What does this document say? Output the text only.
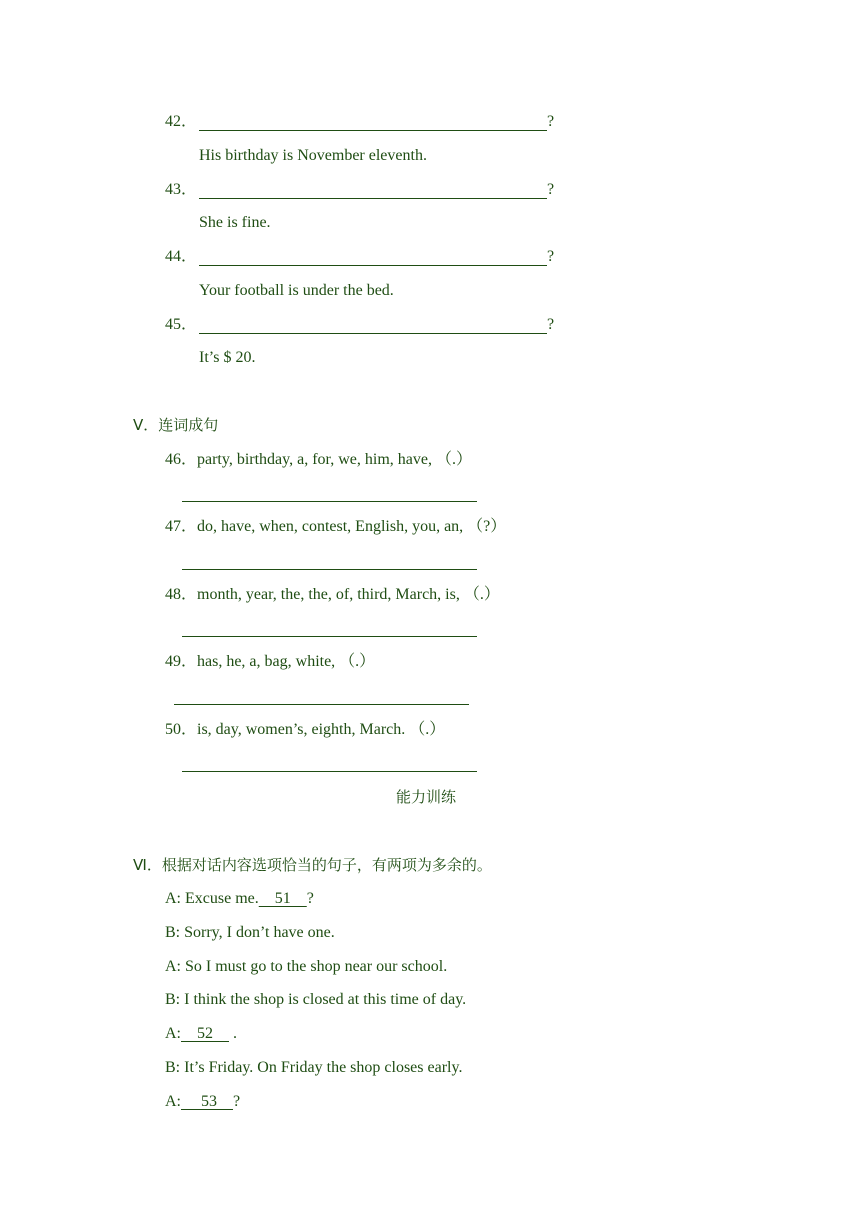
42．	?
His birthday is November eleventh.
43．	?
She is fine.
44．	?
Your football is under the bed.
45．	?
It’s $ 20.
Ⅴ．连词成句
46．party, birthday, a, for, we, him, have, （.）
47．do, have, when, contest, English, you, an, （?）
48．month, year, the, the, of, third, March, is, （.）
49．has, he, a, bag, white, （.）
50．is, day, women’s, eighth, March. （.）
能力训练
Ⅵ．根据对话内容选项恰当的句子，有两项为多余的。
A: Excuse me.    51    ?
B: Sorry, I don’t have one.
A: So I must go to the shop near our school.
B: I think the shop is closed at this time of day.
A:    52     .
B: It’s Friday. On Friday the shop closes early.
A:     53    ?
